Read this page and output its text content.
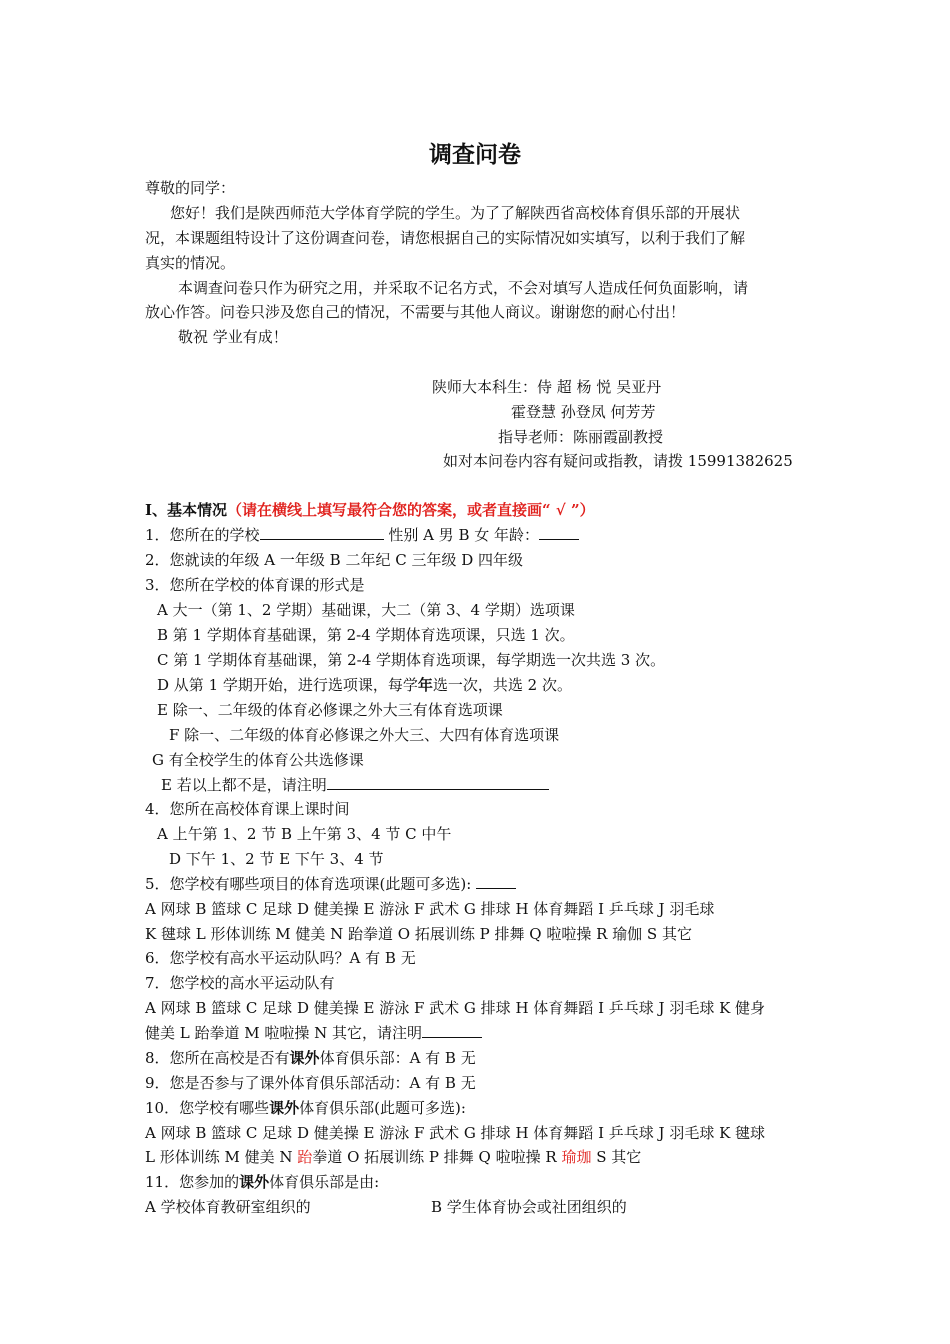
调查问卷
尊敬的同学：
您好！我们是陕西师范大学体育学院的学生。为了了解陕西省高校体育俱乐部的开展状
况，本课题组特设计了这份调查问卷，请您根据自己的实际情况如实填写，以利于我们了解
真实的情况。
本调查问卷只作为研究之用，并采取不记名方式，不会对填写人造成任何负面影响，请
放心作答。问卷只涉及您自己的情况，不需要与其他人商议。谢谢您的耐心付出！
敬祝 学业有成！
陕师大本科生：侍 超 杨 悦 吴亚丹
霍登慧 孙登凤 何芳芳
指导老师：陈丽霞副教授
如对本问卷内容有疑问或指教，请拨 15991382625
Ⅰ、基本情况（请在横线上填写最符合您的答案，或者直接画“ √ ”）
1．您所在的学校	性别 A 男 B 女 年龄：
2．您就读的年级 A 一年级 B 二年纪 C 三年级 D 四年级
3．您所在学校的体育课的形式是
A 大一（第 1、2 学期）基础课，大二（第 3、4 学期）选项课
B 第 1 学期体育基础课，第 2-4 学期体育选项课，只选 1 次。
C 第 1 学期体育基础课，第 2-4 学期体育选项课，每学期选一次共选 3 次。
D 从第 1 学期开始，进行选项课，每学年选一次，共选 2 次。
E 除一、二年级的体育必修课之外大三有体育选项课
F 除一、二年级的体育必修课之外大三、大四有体育选项课
G 有全校学生的体育公共选修课
E 若以上都不是，请注明
4．您所在高校体育课上课时间
A 上午第 1、2 节 B 上午第 3、4 节 C 中午
D 下午 1、2 节 E 下午 3、4 节
5．您学校有哪些项目的体育选项课(此题可多选):
A 网球 B 篮球 C 足球 D 健美操 E 游泳 F 武术 G 排球 H 体育舞蹈 I 乒乓球 J 羽毛球
K 毽球 L 形体训练 M 健美 N 跆拳道 O 拓展训练 P 排舞 Q 啦啦操 R 瑜伽 S 其它
6．您学校有高水平运动队吗？A 有 B 无
7．您学校的高水平运动队有
A 网球 B 篮球 C 足球 D 健美操 E 游泳 F 武术 G 排球 H 体育舞蹈 I 乒乓球 J 羽毛球 K 健身
健美 L 跆拳道 M 啦啦操 N 其它，请注明
8．您所在高校是否有课外体育俱乐部：A 有 B 无
9．您是否参与了课外体育俱乐部活动：A 有 B 无
10．您学校有哪些课外体育俱乐部(此题可多选):
A 网球 B 篮球 C 足球 D 健美操 E 游泳 F 武术 G 排球 H 体育舞蹈 I 乒乓球 J 羽毛球 K 毽球
L 形体训练 M 健美 N 跆拳道 O 拓展训练 P 排舞 Q 啦啦操 R 瑜珈 S 其它
11．您参加的课外体育俱乐部是由:
A 学校体育教研室组织的	B 学生体育协会或社团组织的
